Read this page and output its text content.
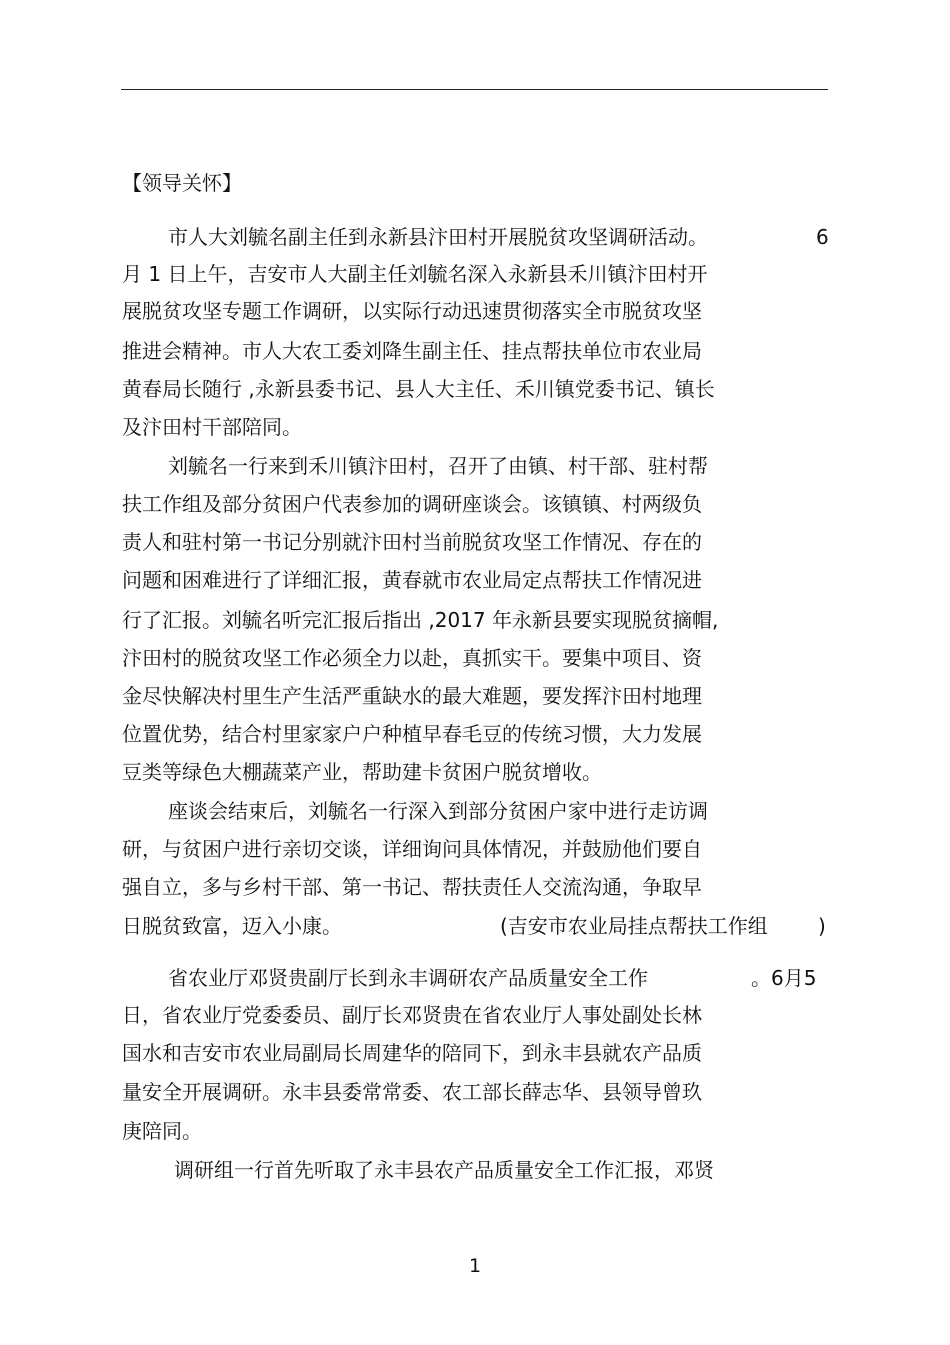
【领导关怀】
市人大刘毓名副主任到永新县汴田村开展脱贫攻坚调研活动。	6
月 1 日上午，吉安市人大副主任刘毓名深入永新县禾川镇汴田村开
展脱贫攻坚专题工作调研，以实际行动迅速贯彻落实全市脱贫攻坚
推进会精神。市人大农工委刘降生副主任、挂点帮扶单位市农业局
黄春局长随行 ,永新县委书记、县人大主任、禾川镇党委书记、镇长
及汴田村干部陪同。
刘毓名一行来到禾川镇汴田村，召开了由镇、村干部、驻村帮
扶工作组及部分贫困户代表参加的调研座谈会。该镇镇、村两级负
责人和驻村第一书记分别就汴田村当前脱贫攻坚工作情况、存在的
问题和困难进行了详细汇报，黄春就市农业局定点帮扶工作情况进
行了汇报。刘毓名听完汇报后指出 ,2017 年永新县要实现脱贫摘帽,
汴田村的脱贫攻坚工作必须全力以赴，真抓实干。要集中项目、资
金尽快解决村里生产生活严重缺水的最大难题，要发挥汴田村地理
位置优势，结合村里家家户户种植早春毛豆的传统习惯，大力发展
豆类等绿色大棚蔬菜产业，帮助建卡贫困户脱贫增收。
座谈会结束后，刘毓名一行深入到部分贫困户家中进行走访调
研，与贫困户进行亲切交谈，详细询问具体情况，并鼓励他们要自
强自立，多与乡村干部、第一书记、帮扶责任人交流沟通，争取早
日脱贫致富，迈入小康。	(吉安市农业局挂点帮扶工作组	)
省农业厅邓贤贵副厅长到永丰调研农产品质量安全工作	。6月5
日，省农业厅党委委员、副厅长邓贤贵在省农业厅人事处副处长林
国水和吉安市农业局副局长周建华的陪同下，到永丰县就农产品质
量安全开展调研。永丰县委常常委、农工部长薛志华、县领导曾玖
庚陪同。
调研组一行首先听取了永丰县农产品质量安全工作汇报，邓贤
1
